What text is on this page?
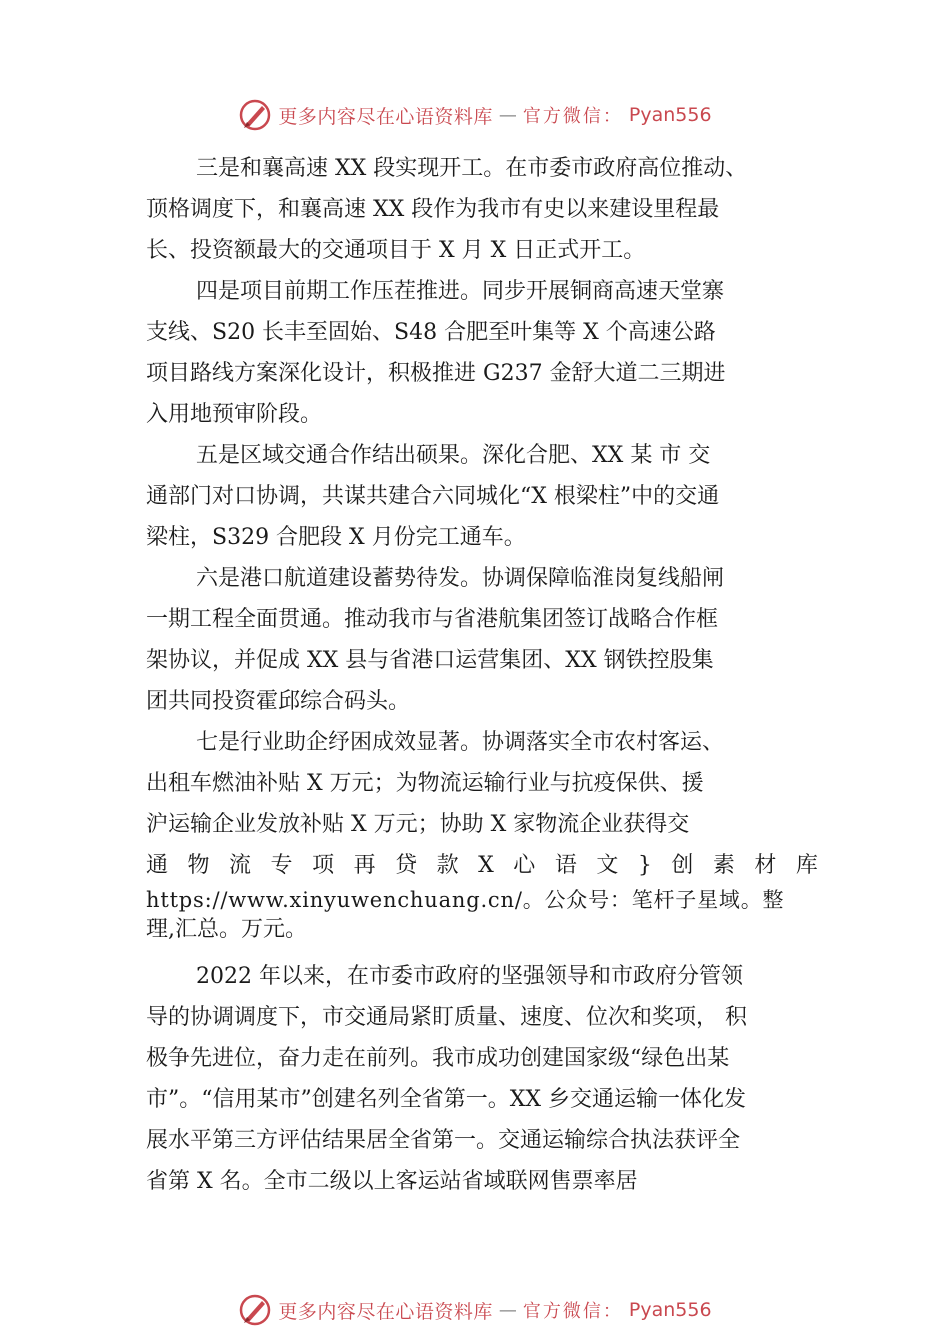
更多内容尽在心语资料库 — 官方微信： Pyan556
三是和襄高速 XX 段实现开工。在市委市政府高位推动、
顶格调度下，和襄高速 XX 段作为我市有史以来建设里程最
长、投资额最大的交通项目于 X 月 X 日正式开工。
四是项目前期工作压茬推进。同步开展铜商高速天堂寨
支线、S20 长丰至固始、S48 合肥至叶集等 X 个高速公路
项目路线方案深化设计，积极推进 G237 金舒大道二三期进
入用地预审阶段。
五是区域交通合作结出硕果。深化合肥、XX 某 市 交
通部门对口协调，共谋共建合六同城化“X 根梁柱”中的交通
梁柱，S329 合肥段 X 月份完工通车。
六是港口航道建设蓄势待发。协调保障临淮岗复线船闸
一期工程全面贯通。推动我市与省港航集团签订战略合作框
架协议，并促成 XX 县与省港口运营集团、XX 钢铁控股集
团共同投资霍邱综合码头。
七是行业助企纾困成效显著。协调落实全市农村客运、
出租车燃油补贴 X 万元；为物流运输行业与抗疫保供、援
沪运输企业发放补贴 X 万元；协助 X 家物流企业获得交
通 物 流 专 项 再 贷 款 X 心 语 文 } 创 素 材 库
https://www.xinyuwenchuang.cn/。公众号：笔杆子星域。整
理,汇总。万元。
2022 年以来，在市委市政府的坚强领导和市政府分管领
导的协调调度下，市交通局紧盯质量、速度、位次和奖项， 积
极争先进位，奋力走在前列。我市成功创建国家级“绿色出某
市”。“信用某市”创建名列全省第一。XX 乡交通运输一体化发
展水平第三方评估结果居全省第一。交通运输综合执法获评全
省第 X 名。全市二级以上客运站省域联网售票率居
更多内容尽在心语资料库 — 官方微信： Pyan556
